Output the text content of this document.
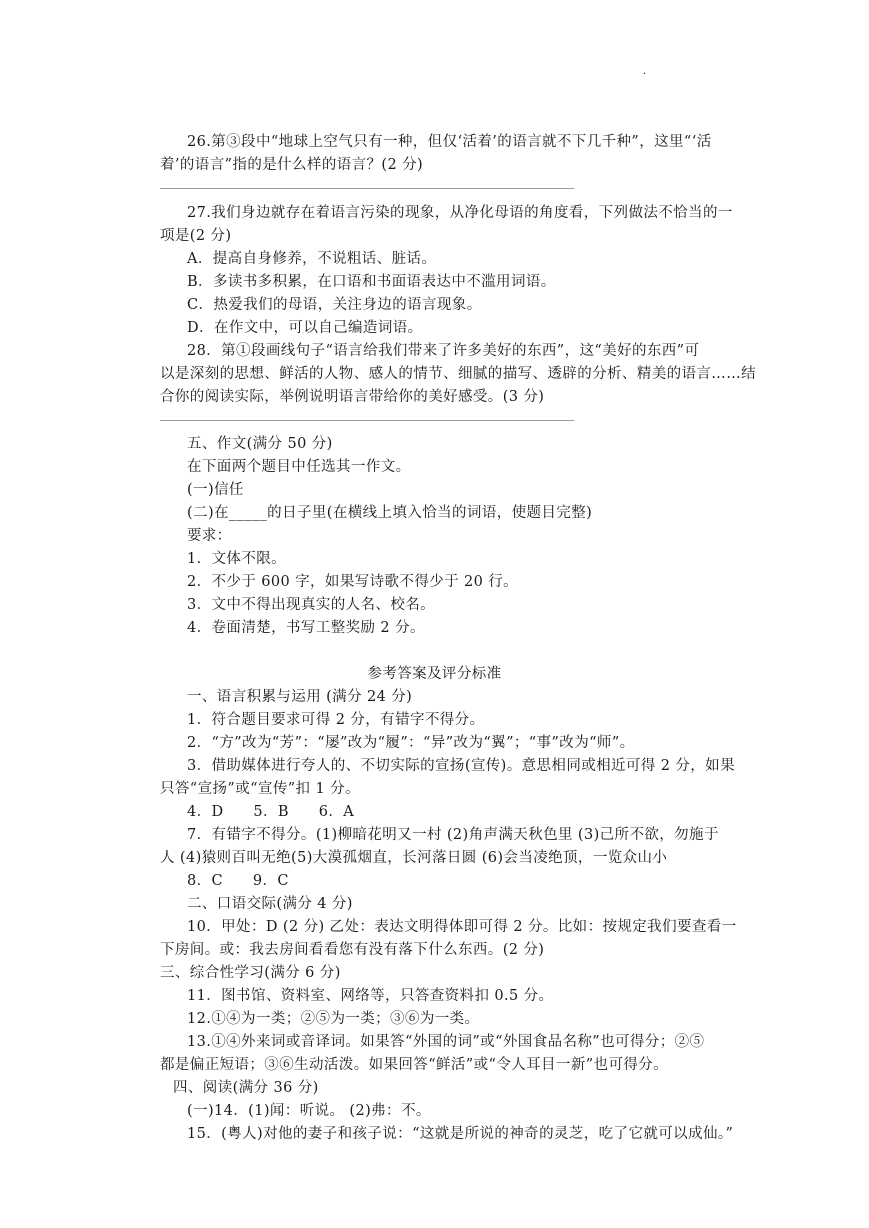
·
26.第③段中“地球上空气只有一种，但仅‘活着’的语言就不下几千种”，这里“‘活
着’的语言”指的是什么样的语言？(2 分)
27.我们身边就存在着语言污染的现象，从净化母语的角度看，下列做法不恰当的一
项是(2 分)
A．提高自身修养，不说粗话、脏话。
B．多读书多积累，在口语和书面语表达中不滥用词语。
C．热爱我们的母语，关注身边的语言现象。
D．在作文中，可以自己编造词语。
28．第①段画线句子“语言给我们带来了许多美好的东西”，这“美好的东西”可
以是深刻的思想、鲜活的人物、感人的情节、细腻的描写、透辟的分析、精美的语言……结
合你的阅读实际，举例说明语言带给你的美好感受。(3 分)
五、作文(满分 50 分)
在下面两个题目中任选其一作文。
(一)信任
(二)在_____的日子里(在横线上填入恰当的词语，使题目完整)
要求：
1．文体不限。
2．不少于 600 字，如果写诗歌不得少于 20 行。
3．文中不得出现真实的人名、校名。
4．卷面清楚，书写工整奖励 2 分。
参考答案及评分标准
一、语言积累与运用 (满分 24 分)
1．符合题目要求可得 2 分，有错字不得分。
2．“方”改为“芳”：“屡”改为“履”：“异”改为“翼”；“事”改为“师”。
3．借助媒体进行夸人的、不切实际的宣扬(宣传)。意思相同或相近可得 2 分，如果
只答“宣扬”或“宣传”扣 1 分。
4．D　　5．B　　6．A
7．有错字不得分。(1)柳暗花明又一村 (2)角声满天秋色里 (3)己所不欲，勿施于
人 (4)猿则百叫无绝(5)大漠孤烟直，长河落日圆 (6)会当凌绝顶，一览众山小
8．C　　9．C
二、口语交际(满分 4 分)
10．甲处：D (2 分) 乙处：表达文明得体即可得 2 分。比如：按规定我们要查看一
下房间。或：我去房间看看您有没有落下什么东西。(2 分)
三、综合性学习(满分 6 分)
11．图书馆、资料室、网络等，只答查资料扣 0.5 分。
12.①④为一类；②⑤为一类；③⑥为一类。
13.①④外来词或音译词。如果答“外国的词”或“外国食品名称”也可得分；②⑤
都是偏正短语；③⑥生动活泼。如果回答“鲜活”或“令人耳目一新”也可得分。
四、阅读(满分 36 分)
(一)14．(1)闻：听说。 (2)弗：不。
15．(粤人)对他的妻子和孩子说：“这就是所说的神奇的灵芝，吃了它就可以成仙。”
